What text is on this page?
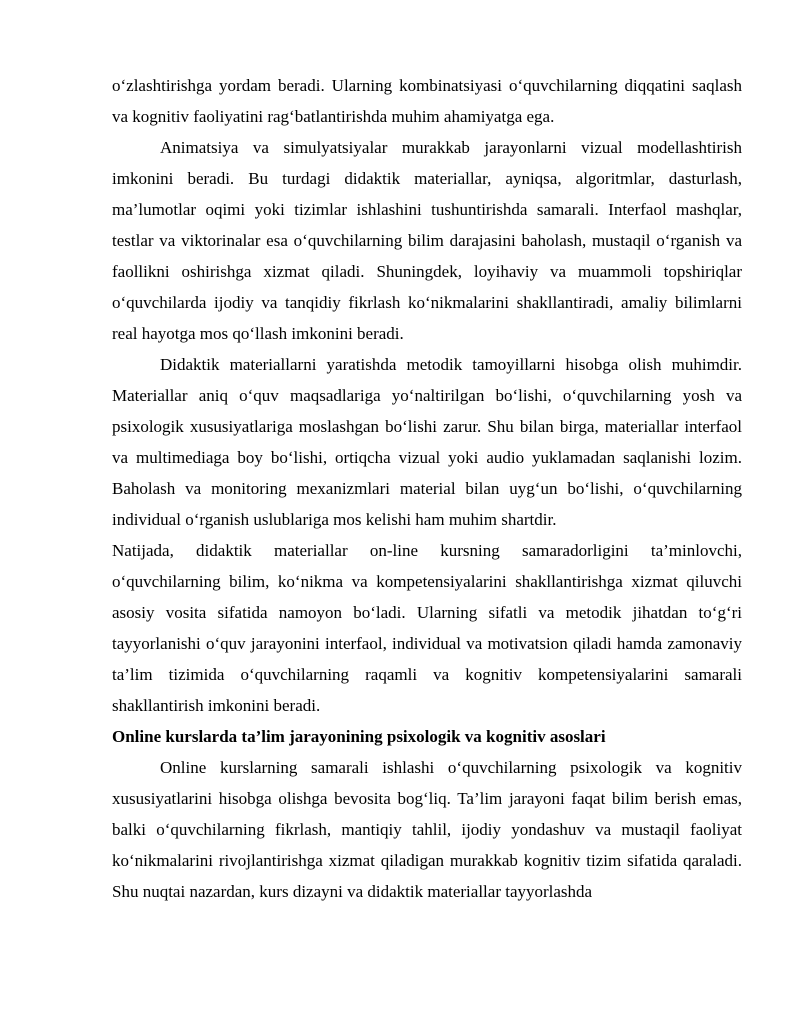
o‘zlashtirishga yordam beradi. Ularning kombinatsiyasi o‘quvchilarning diqqatini saqlash va kognitiv faoliyatini rag‘batlantirishda muhim ahamiyatga ega.

Animatsiya va simulyatsiyalar murakkab jarayonlarni vizual modellashtirish imkonini beradi. Bu turdagi didaktik materiallar, ayniqsa, algoritmlar, dasturlash, ma’lumotlar oqimi yoki tizimlar ishlashini tushuntirishda samarali. Interfaol mashqlar, testlar va viktorinalar esa o‘quvchilarning bilim darajasini baholash, mustaqil o‘rganish va faollikni oshirishga xizmat qiladi. Shuningdek, loyihaviy va muammoli topshiriqlar o‘quvchilarda ijodiy va tanqidiy fikrlash ko‘nikmalarini shakllantiradi, amaliy bilimlarni real hayotga mos qo‘llash imkonini beradi.

Didaktik materiallarni yaratishda metodik tamoyillarni hisobga olish muhimdir. Materiallar aniq o‘quv maqsadlariga yo‘naltirilgan bo‘lishi, o‘quvchilarning yosh va psixologik xususiyatlariga moslashgan bo‘lishi zarur. Shu bilan birga, materiallar interfaol va multimediaga boy bo‘lishi, ortiqcha vizual yoki audio yuklamadan saqlanishi lozim. Baholash va monitoring mexanizmlari material bilan uyg‘un bo‘lishi, o‘quvchilarning individual o‘rganish uslublariga mos kelishi ham muhim shartdir.

Natijada, didaktik materiallar on-line kursning samaradorligini ta’minlovchi, o‘quvchilarning bilim, ko‘nikma va kompetensiyalarini shakllantirishga xizmat qiluvchi asosiy vosita sifatida namoyon bo‘ladi. Ularning sifatli va metodik jihatdan to‘g‘ri tayyorlanishi o‘quv jarayonini interfaol, individual va motivatsion qiladi hamda zamonaviy ta’lim tizimida o‘quvchilarning raqamli va kognitiv kompetensiyalarini samarali shakllantirish imkonini beradi.

Online kurslarda ta’lim jarayonining psixologik va kognitiv asoslari

Online kurslarning samarali ishlashi o‘quvchilarning psixologik va kognitiv xususiyatlarini hisobga olishga bevosita bog‘liq. Ta’lim jarayoni faqat bilim berish emas, balki o‘quvchilarning fikrlash, mantiqiy tahlil, ijodiy yondashuv va mustaqil faoliyat ko‘nikmalarini rivojlantirishga xizmat qiladigan murakkab kognitiv tizim sifatida qaraladi. Shu nuqtai nazardan, kurs dizayni va didaktik materiallar tayyorlashda
